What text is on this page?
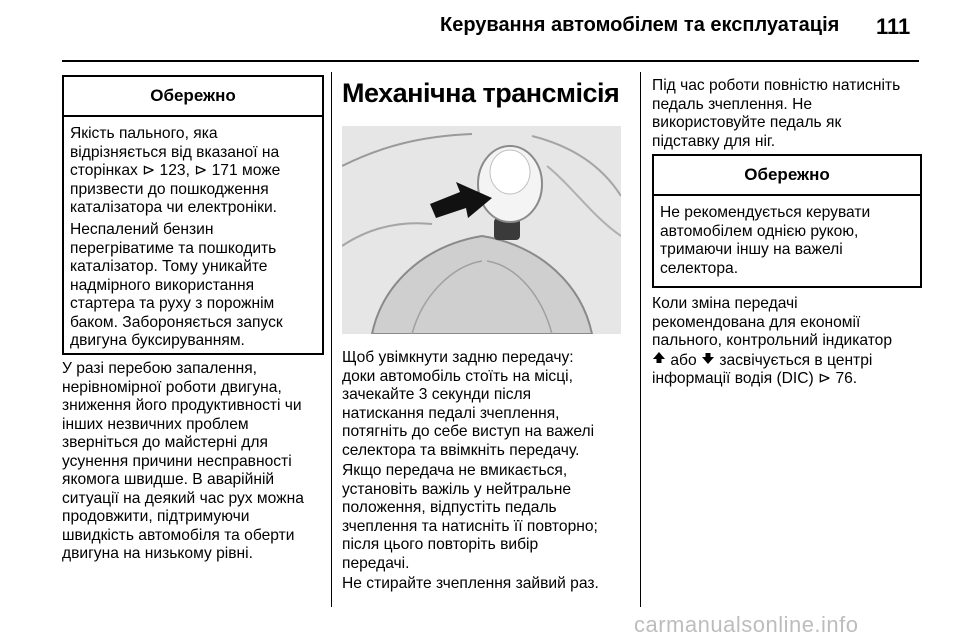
Керування автомобілем та експлуатація 111
Обережно

Якість пального, яка
відрізняється від вказаної на
сторінках ⊳ 123, ⊳ 171 може
призвести до пошкодження
каталізатора чи електроніки.

Неспалений бензин
перегріватиме та пошкодить
каталізатор. Тому уникайте
надмірного використання
стартера та руху з порожнім
баком. Забороняється запуск
двигуна буксируванням.

У разі перебою запалення,
нерівномірної роботи двигуна,
зниження його продуктивності чи
інших незвичних проблем
зверніться до майстерні для
усунення причини несправності
якомога швидше. В аварійній
ситуації на деякий час рух можна
продовжити, підтримуючи
швидкість автомобіля та оберти
двигуна на низькому рівні.

Механічна трансмісія

Щоб увімкнути задню передачу:
доки автомобіль стоїть на місці,
зачекайте 3 секунди після
натискання педалі зчеплення,
потягніть до себе виступ на важелі
селектора та ввімкніть передачу.

Якщо передача не вмикається,
установіть важіль у нейтральне
положення, відпустіть педаль
зчеплення та натисніть її повторно;
після цього повторіть вибір
передачі.

Не стирайте зчеплення зайвий раз.

Під час роботи повністю натисніть
педаль зчеплення. Не
використовуйте педаль як
підставку для ніг.

Обережно

Не рекомендується керувати
автомобілем однією рукою,
тримаючи іншу на важелі
селектора.

Коли зміна передачі
рекомендована для економії
пального, контрольний індикатор
або засвічується в центрі
інформації водія (DIC) ⊳ 76.

carmanualsonline.info
